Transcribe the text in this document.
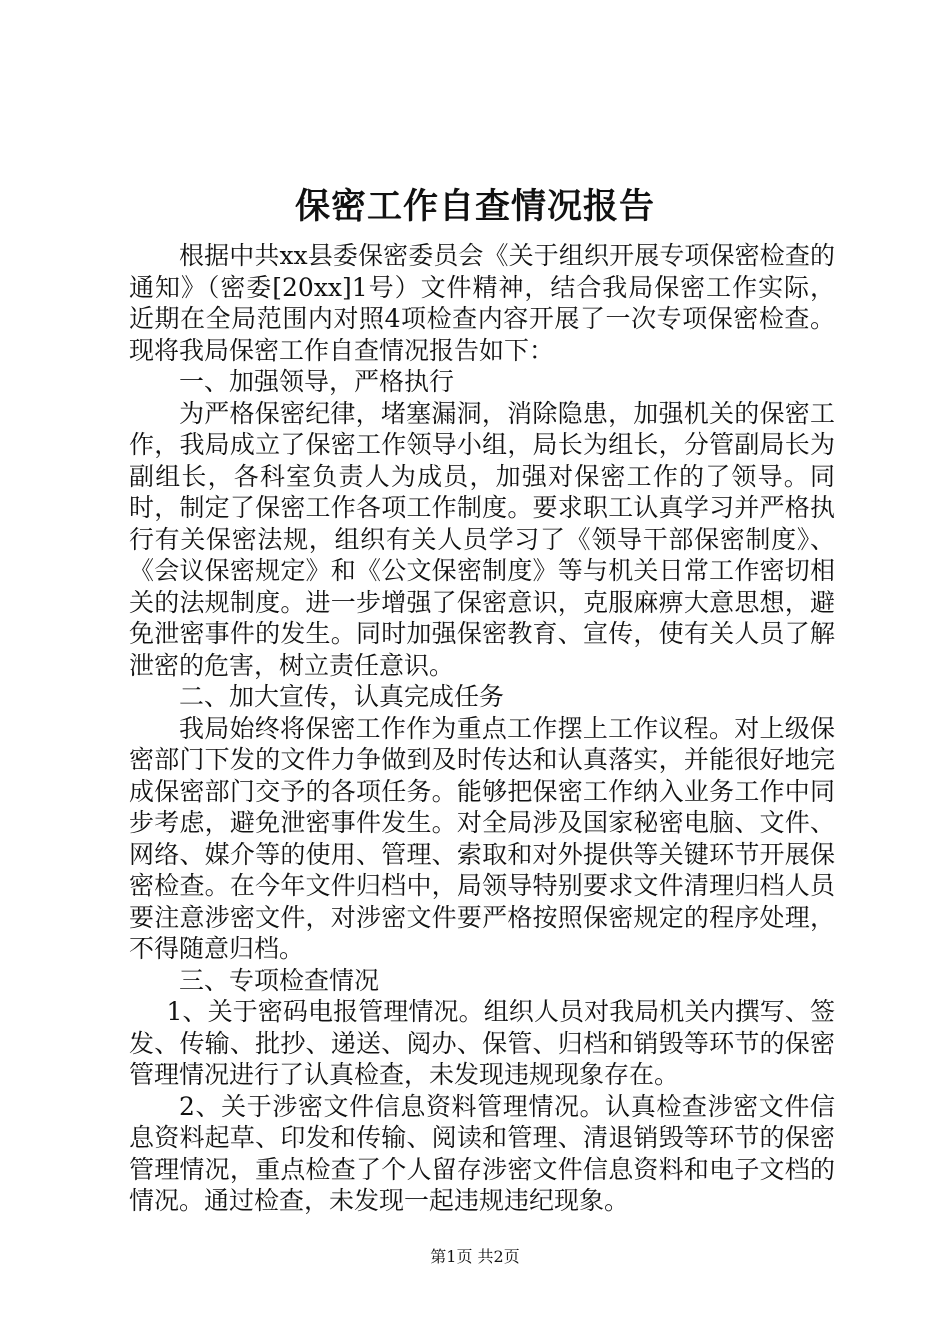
保密工作自查情况报告

根据中共xx县委保密委员会《关于组织开展专项保密检查的通知》（密委[20xx]1号）文件精神，结合我局保密工作实际，近期在全局范围内对照4项检查内容开展了一次专项保密检查。现将我局保密工作自查情况报告如下：

一、加强领导，严格执行

为严格保密纪律，堵塞漏洞，消除隐患，加强机关的保密工作，我局成立了保密工作领导小组，局长为组长，分管副局长为副组长，各科室负责人为成员，加强对保密工作的了领导。同时，制定了保密工作各项工作制度。要求职工认真学习并严格执行有关保密法规，组织有关人员学习了《领导干部保密制度》、《会议保密规定》和《公文保密制度》等与机关日常工作密切相关的法规制度。进一步增强了保密意识，克服麻痹大意思想，避免泄密事件的发生。同时加强保密教育、宣传，使有关人员了解泄密的危害，树立责任意识。

二、加大宣传，认真完成任务

我局始终将保密工作作为重点工作摆上工作议程。对上级保密部门下发的文件力争做到及时传达和认真落实，并能很好地完成保密部门交予的各项任务。能够把保密工作纳入业务工作中同步考虑，避免泄密事件发生。对全局涉及国家秘密电脑、文件、网络、媒介等的使用、管理、索取和对外提供等关键环节开展保密检查。在今年文件归档中，局领导特别要求文件清理归档人员要注意涉密文件，对涉密文件要严格按照保密规定的程序处理，不得随意归档。

三、专项检查情况

1、关于密码电报管理情况。组织人员对我局机关内撰写、签发、传输、批抄、递送、阅办、保管、归档和销毁等环节的保密管理情况进行了认真检查，未发现违规现象存在。

2、关于涉密文件信息资料管理情况。认真检查涉密文件信息资料起草、印发和传输、阅读和管理、清退销毁等环节的保密管理情况，重点检查了个人留存涉密文件信息资料和电子文档的情况。通过检查，未发现一起违规违纪现象。

第1页 共2页
